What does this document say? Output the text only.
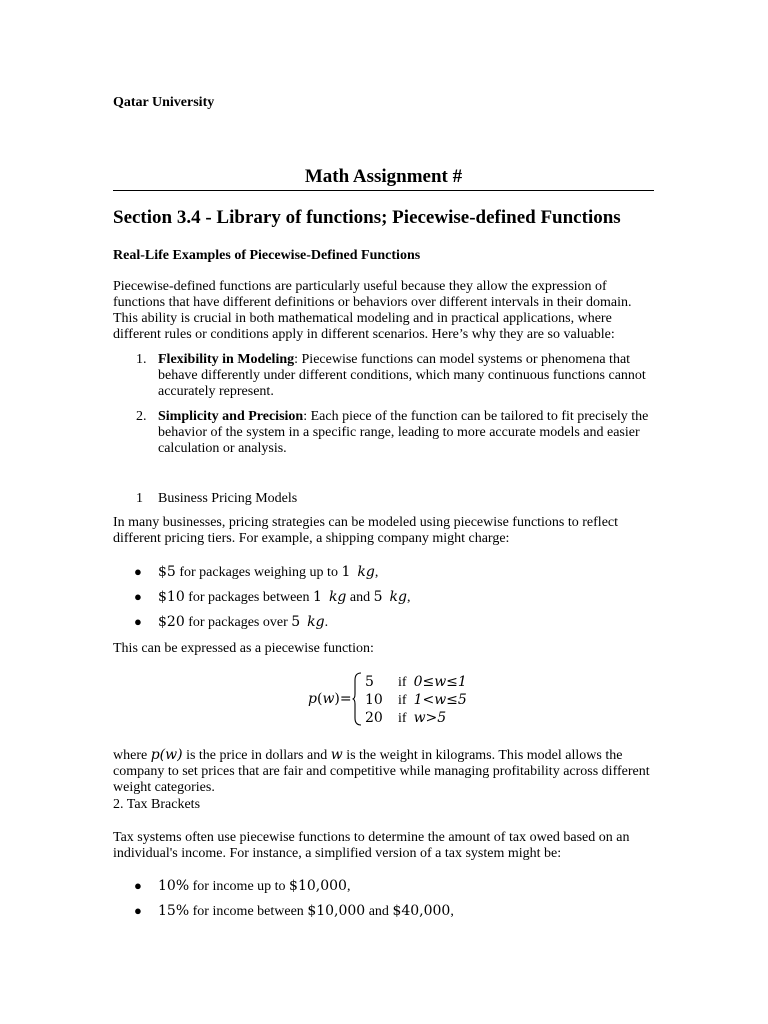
Qatar University
Math Assignment #
Section 3.4 - Library of functions; Piecewise-defined Functions
Real-Life Examples of Piecewise-Defined Functions
Piecewise-defined functions are particularly useful because they allow the expression of functions that have different definitions or behaviors over different intervals in their domain. This ability is crucial in both mathematical modeling and in practical applications, where different rules or conditions apply in different scenarios. Here’s why they are so valuable:
1. Flexibility in Modeling: Piecewise functions can model systems or phenomena that behave differently under different conditions, which many continuous functions cannot accurately represent.
2. Simplicity and Precision: Each piece of the function can be tailored to fit precisely the behavior of the system in a specific range, leading to more accurate models and easier calculation or analysis.
1 Business Pricing Models
In many businesses, pricing strategies can be modeled using piecewise functions to reflect different pricing tiers. For example, a shipping company might charge:
● $5 for packages weighing up to 1 kg,
● $10 for packages between 1 kg and 5 kg,
● $20 for packages over 5 kg.
This can be expressed as a piecewise function:
p(w)=
5 if 0≤w≤1
10 if 1<w≤5
20 if w>5
where p(w) is the price in dollars and w is the weight in kilograms. This model allows the company to set prices that are fair and competitive while managing profitability across different weight categories.
2. Tax Brackets
Tax systems often use piecewise functions to determine the amount of tax owed based on an individual's income. For instance, a simplified version of a tax system might be:
● 10% for income up to $10,000,
● 15% for income between $10,000 and $40,000,
